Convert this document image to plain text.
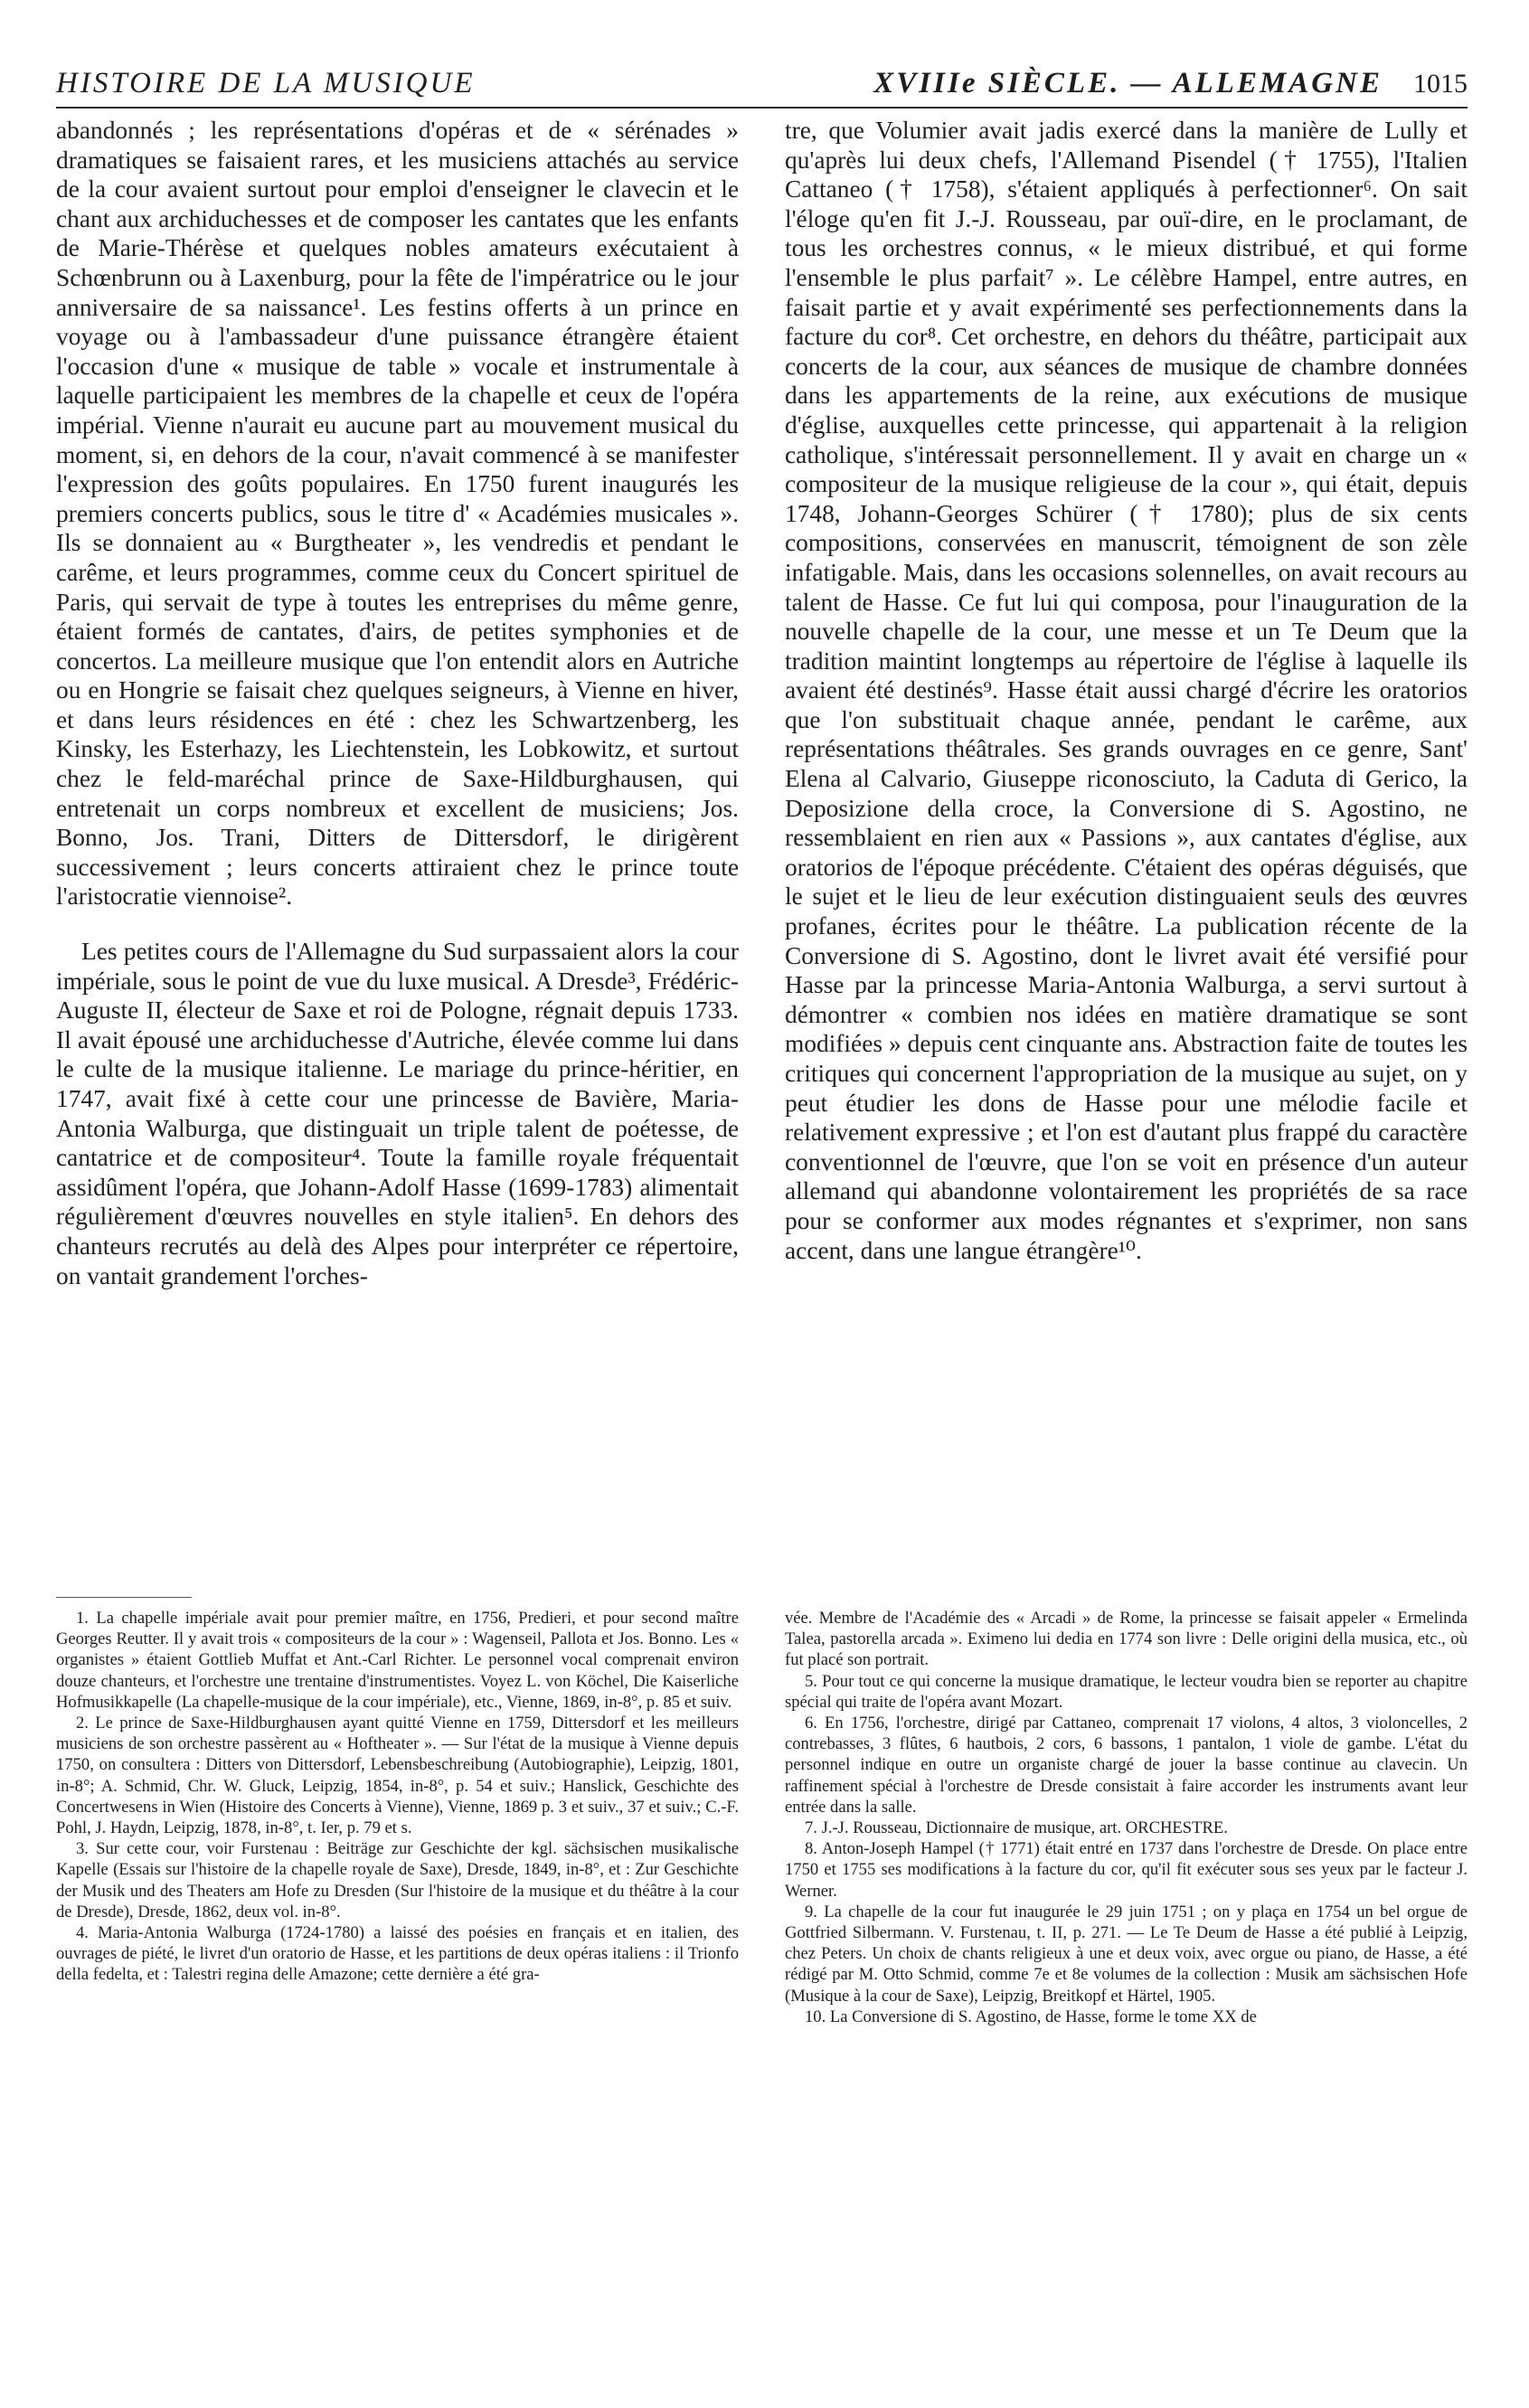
HISTOIRE DE LA MUSIQUE	XVIIIe SIÈCLE. — ALLEMAGNE 1015

abandonnés ; les représentations d'opéras et de « sérénades » dramatiques se faisaient rares, et les musiciens attachés au service de la cour avaient surtout pour emploi d'enseigner le clavecin et le chant aux archiduchesses et de composer les cantates que les enfants de Marie-Thérèse et quelques nobles amateurs exécutaient à Schœnbrunn ou à Laxenburg, pour la fête de l'impératrice ou le jour anniversaire de sa naissance¹. Les festins offerts à un prince en voyage ou à l'ambassadeur d'une puissance étrangère étaient l'occasion d'une « musique de table » vocale et instrumentale à laquelle participaient les membres de la chapelle et ceux de l'opéra impérial. Vienne n'aurait eu aucune part au mouvement musical du moment, si, en dehors de la cour, n'avait commencé à se manifester l'expression des goûts populaires. En 1750 furent inaugurés les premiers concerts publics, sous le titre d' « Académies musicales ». Ils se donnaient au « Burgtheater », les vendredis et pendant le carême, et leurs programmes, comme ceux du Concert spirituel de Paris, qui servait de type à toutes les entreprises du même genre, étaient formés de cantates, d'airs, de petites symphonies et de concertos. La meilleure musique que l'on entendit alors en Autriche ou en Hongrie se faisait chez quelques seigneurs, à Vienne en hiver, et dans leurs résidences en été : chez les Schwartzenberg, les Kinsky, les Esterhazy, les Liechtenstein, les Lobkowitz, et surtout chez le feld-maréchal prince de Saxe-Hildburghausen, qui entretenait un corps nombreux et excellent de musiciens; Jos. Bonno, Jos. Trani, Ditters de Dittersdorf, le dirigèrent successivement ; leurs concerts attiraient chez le prince toute l'aristocratie viennoise².

Les petites cours de l'Allemagne du Sud surpassaient alors la cour impériale, sous le point de vue du luxe musical. A Dresde³, Frédéric-Auguste II, électeur de Saxe et roi de Pologne, régnait depuis 1733. Il avait épousé une archiduchesse d'Autriche, élevée comme lui dans le culte de la musique italienne. Le mariage du prince-héritier, en 1747, avait fixé à cette cour une princesse de Bavière, Maria-Antonia Walburga, que distinguait un triple talent de poétesse, de cantatrice et de compositeur⁴. Toute la famille royale fréquentait assidûment l'opéra, que Johann-Adolf Hasse (1699-1783) alimentait régulièrement d'œuvres nouvelles en style italien⁵. En dehors des chanteurs recrutés au delà des Alpes pour interpréter ce répertoire, on vantait grandement l'orches-

tre, que Volumier avait jadis exercé dans la manière de Lully et qu'après lui deux chefs, l'Allemand Pisendel († 1755), l'Italien Cattaneo († 1758), s'étaient appliqués à perfectionner⁶. On sait l'éloge qu'en fit J.-J. Rousseau, par ouï-dire, en le proclamant, de tous les orchestres connus, « le mieux distribué, et qui forme l'ensemble le plus parfait⁷ ». Le célèbre Hampel, entre autres, en faisait partie et y avait expérimenté ses perfectionnements dans la facture du cor⁸. Cet orchestre, en dehors du théâtre, participait aux concerts de la cour, aux séances de musique de chambre données dans les appartements de la reine, aux exécutions de musique d'église, auxquelles cette princesse, qui appartenait à la religion catholique, s'intéressait personnellement. Il y avait en charge un « compositeur de la musique religieuse de la cour », qui était, depuis 1748, Johann-Georges Schürer († 1780); plus de six cents compositions, conservées en manuscrit, témoignent de son zèle infatigable. Mais, dans les occasions solennelles, on avait recours au talent de Hasse. Ce fut lui qui composa, pour l'inauguration de la nouvelle chapelle de la cour, une messe et un Te Deum que la tradition maintint longtemps au répertoire de l'église à laquelle ils avaient été destinés⁹. Hasse était aussi chargé d'écrire les oratorios que l'on substituait chaque année, pendant le carême, aux représentations théâtrales. Ses grands ouvrages en ce genre, Sant' Elena al Calvario, Giuseppe riconosciuto, la Caduta di Gerico, la Deposizione della croce, la Conversione di S. Agostino, ne ressemblaient en rien aux « Passions », aux cantates d'église, aux oratorios de l'époque précédente. C'étaient des opéras déguisés, que le sujet et le lieu de leur exécution distinguaient seuls des œuvres profanes, écrites pour le théâtre. La publication récente de la Conversione di S. Agostino, dont le livret avait été versifié pour Hasse par la princesse Maria-Antonia Walburga, a servi surtout à démontrer « combien nos idées en matière dramatique se sont modifiées » depuis cent cinquante ans. Abstraction faite de toutes les critiques qui concernent l'appropriation de la musique au sujet, on y peut étudier les dons de Hasse pour une mélodie facile et relativement expressive ; et l'on est d'autant plus frappé du caractère conventionnel de l'œuvre, que l'on se voit en présence d'un auteur allemand qui abandonne volontairement les propriétés de sa race pour se conformer aux modes régnantes et s'exprimer, non sans accent, dans une langue étrangère¹⁰.

1. La chapelle impériale avait pour premier maître, en 1756, Predieri, et pour second maître Georges Reutter. Il y avait trois « compositeurs de la cour » : Wagenseil, Pallota et Jos. Bonno. Les « organistes » étaient Gottlieb Muffat et Ant.-Carl Richter. Le personnel vocal comprenait environ douze chanteurs, et l'orchestre une trentaine d'instrumentistes. Voyez L. von Köchel, Die Kaiserliche Hofmusikkapelle (La chapelle-musique de la cour impériale), etc., Vienne, 1869, in-8°, p. 85 et suiv.

2. Le prince de Saxe-Hildburghausen ayant quitté Vienne en 1759, Dittersdorf et les meilleurs musiciens de son orchestre passèrent au « Hoftheater ». — Sur l'état de la musique à Vienne depuis 1750, on consultera : Ditters von Dittersdorf, Lebensbeschreibung (Autobiographie), Leipzig, 1801, in-8°; A. Schmid, Chr. W. Gluck, Leipzig, 1854, in-8°, p. 54 et suiv.; Hanslick, Geschichte des Concertwesens in Wien (Histoire des Concerts à Vienne), Vienne, 1869 p. 3 et suiv., 37 et suiv.; C.-F. Pohl, J. Haydn, Leipzig, 1878, in-8°, t. Ier, p. 79 et s.

3. Sur cette cour, voir Furstenau : Beiträge zur Geschichte der kgl. sächsischen musikalische Kapelle (Essais sur l'histoire de la chapelle royale de Saxe), Dresde, 1849, in-8°, et : Zur Geschichte der Musik und des Theaters am Hofe zu Dresden (Sur l'histoire de la musique et du théâtre à la cour de Dresde), Dresde, 1862, deux vol. in-8°.

4. Maria-Antonia Walburga (1724-1780) a laissé des poésies en français et en italien, des ouvrages de piété, le livret d'un oratorio de Hasse, et les partitions de deux opéras italiens : il Trionfo della fedelta, et : Talestri regina delle Amazone; cette dernière a été gra-

vée. Membre de l'Académie des « Arcadi » de Rome, la princesse se faisait appeler « Ermelinda Talea, pastorella arcada ». Eximeno lui dedia en 1774 son livre : Delle origini della musica, etc., où fut placé son portrait.

5. Pour tout ce qui concerne la musique dramatique, le lecteur voudra bien se reporter au chapitre spécial qui traite de l'opéra avant Mozart.

6. En 1756, l'orchestre, dirigé par Cattaneo, comprenait 17 violons, 4 altos, 3 violoncelles, 2 contrebasses, 3 flûtes, 6 hautbois, 2 cors, 6 bassons, 1 pantalon, 1 viole de gambe. L'état du personnel indique en outre un organiste chargé de jouer la basse continue au clavecin. Un raffinement spécial à l'orchestre de Dresde consistait à faire accorder les instruments avant leur entrée dans la salle.

7. J.-J. Rousseau, Dictionnaire de musique, art. ORCHESTRE.

8. Anton-Joseph Hampel († 1771) était entré en 1737 dans l'orchestre de Dresde. On place entre 1750 et 1755 ses modifications à la facture du cor, qu'il fit exécuter sous ses yeux par le facteur J. Werner.

9. La chapelle de la cour fut inaugurée le 29 juin 1751 ; on y plaça en 1754 un bel orgue de Gottfried Silbermann. V. Furstenau, t. II, p. 271. — Le Te Deum de Hasse a été publié à Leipzig, chez Peters. Un choix de chants religieux à une et deux voix, avec orgue ou piano, de Hasse, a été rédigé par M. Otto Schmid, comme 7e et 8e volumes de la collection : Musik am sächsischen Hofe (Musique à la cour de Saxe), Leipzig, Breitkopf et Härtel, 1905.

10. La Conversione di S. Agostino, de Hasse, forme le tome XX de
